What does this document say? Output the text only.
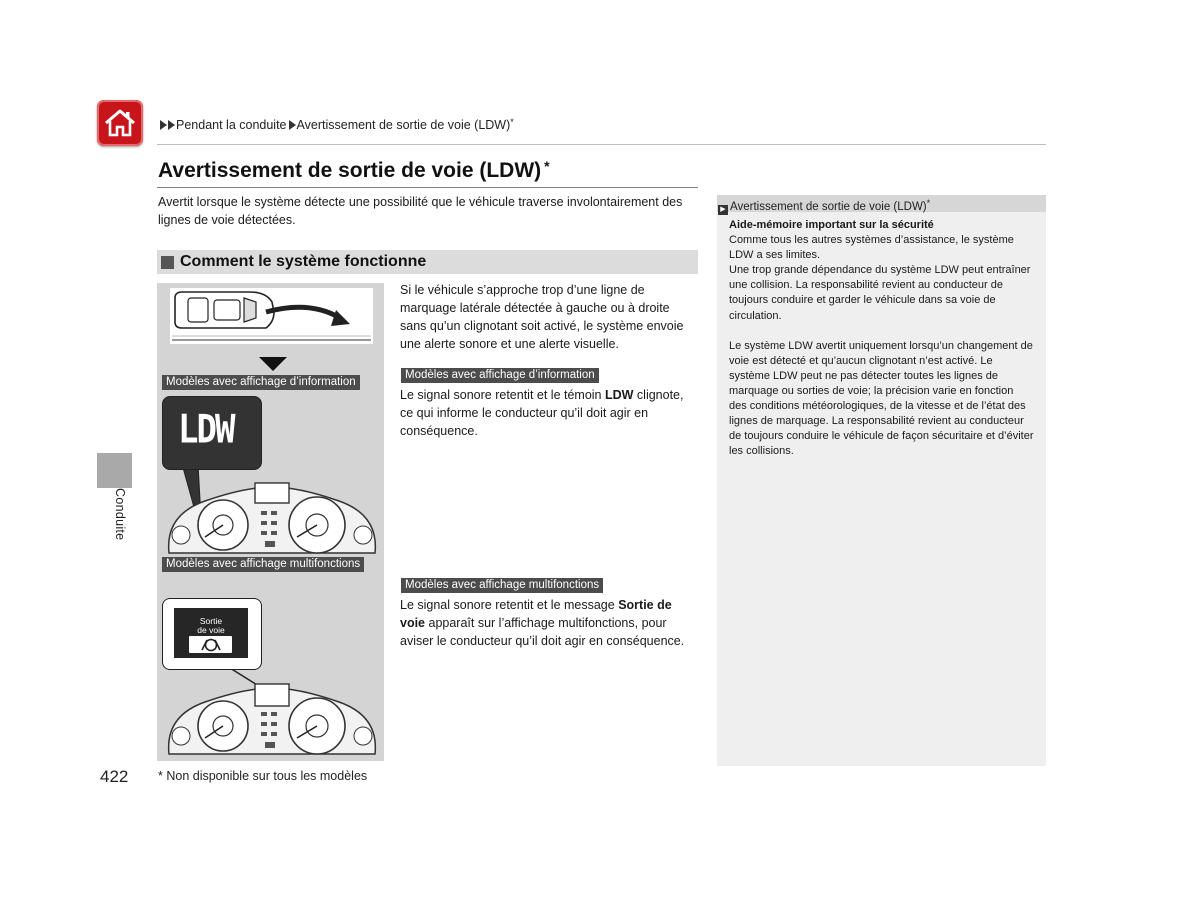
Pendant la conduite Avertissement de sortie de voie (LDW)*
Avertissement de sortie de voie (LDW) *
Avertit lorsque le système détecte une possibilité que le véhicule traverse involontairement des lignes de voie détectées.
Comment le système fonctionne
Modèles avec affichage d’information
LDW
Modèles avec affichage multifonctions
Sortie
de voie
Si le véhicule s’approche trop d’une ligne de marquage latérale détectée à gauche ou à droite sans qu’un clignotant soit activé, le système envoie une alerte sonore et une alerte visuelle.
Modèles avec affichage d’information
Le signal sonore retentit et le témoin LDW clignote, ce qui informe le conducteur qu’il doit agir en conséquence.
Modèles avec affichage multifonctions
Le signal sonore retentit et le message Sortie de voie apparaît sur l’affichage multifonctions, pour aviser le conducteur qu’il doit agir en conséquence.
Conduite
▶ Avertissement de sortie de voie (LDW)*

Aide-mémoire important sur la sécurité

Comme tous les autres systèmes d’assistance, le système LDW a ses limites.

Une trop grande dépendance du système LDW peut entraîner une collision. La responsabilité revient au conducteur de toujours conduire et garder le véhicule dans sa voie de circulation.

Le système LDW avertit uniquement lorsqu’un changement de voie est détecté et qu’aucun clignotant n’est activé. Le système LDW peut ne pas détecter toutes les lignes de marquage ou sorties de voie; la précision varie en fonction des conditions météorologiques, de la vitesse et de l’état des lignes de marquage. La responsabilité revient au conducteur de toujours conduire le véhicule de façon sécuritaire et d’éviter les collisions.

422 * Non disponible sur tous les modèles
